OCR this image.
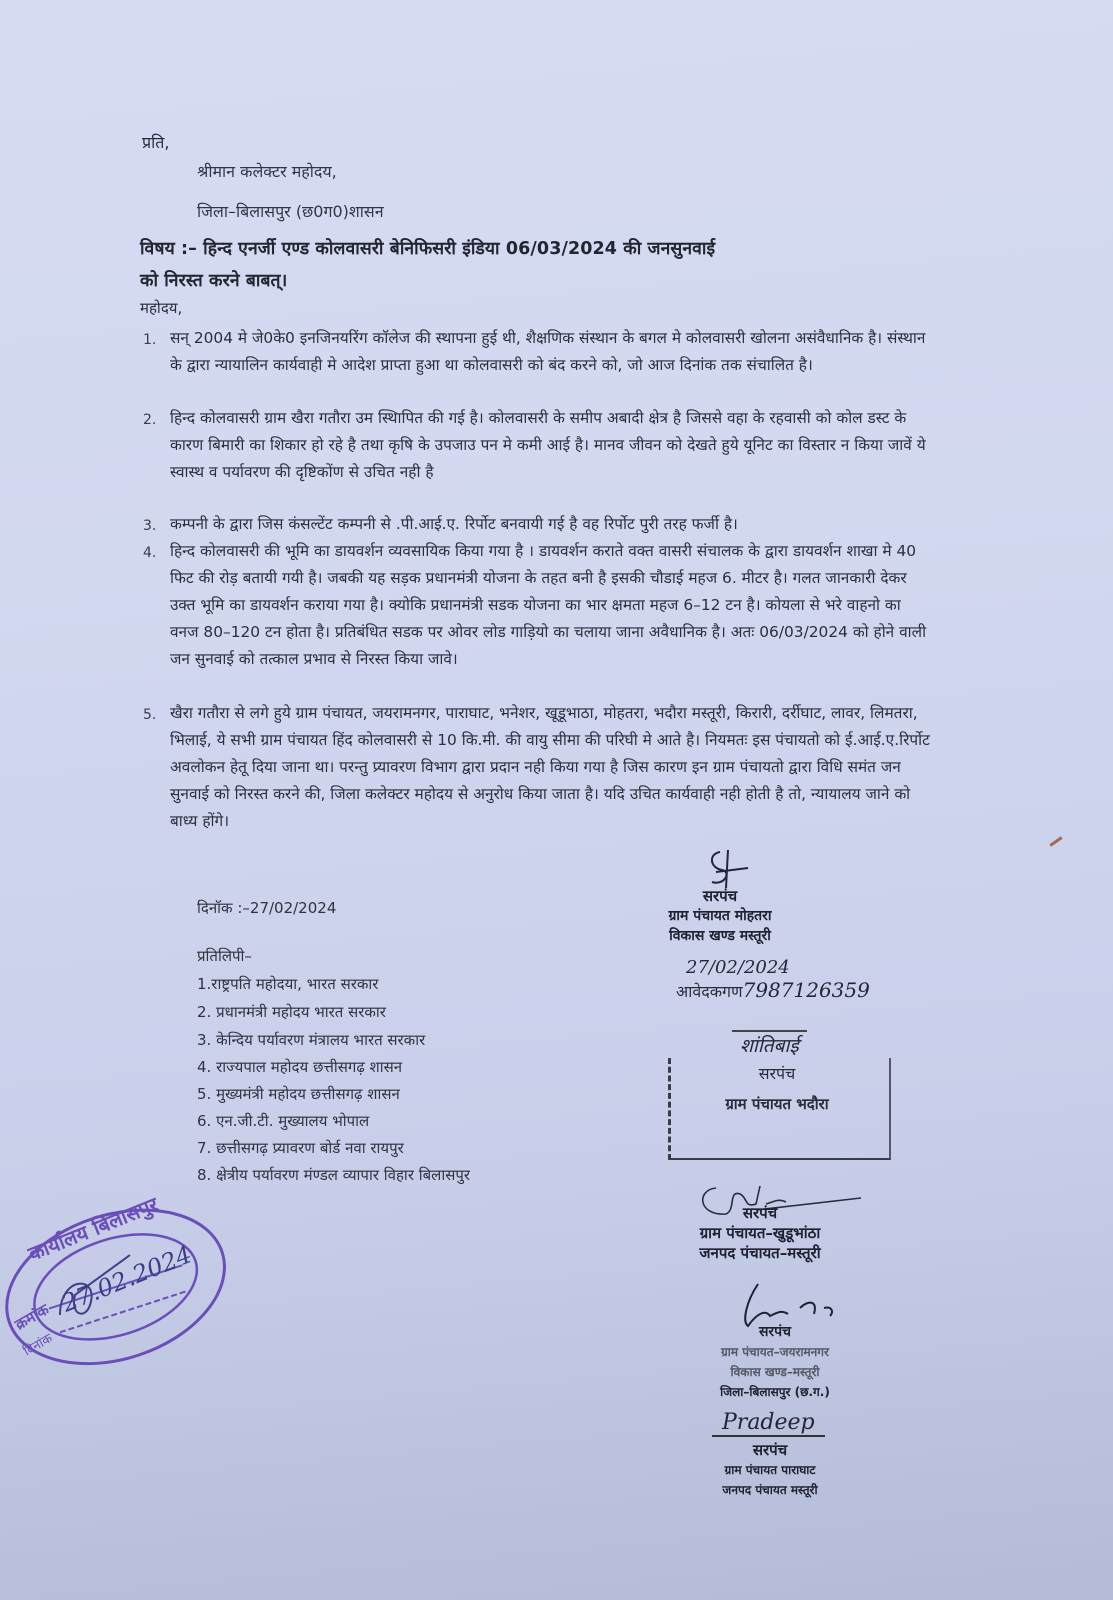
प्रति,
श्रीमान कलेक्टर महोदय,
जिला–बिलासपुर (छ0ग0)शासन
विषय :– हिन्द एनर्जी एण्ड कोलवासरी बेनिफिसरी इंडिया 06/03/2024 की जनसुनवाई
को निरस्त करने बाबत्।
महोदय,
1. सन् 2004 मे जे0के0 इनजिनयरिंग कॉलेज की स्थापना हुई थी, शैक्षणिक संस्थान के बगल मे कोलवासरी खोलना असंवैधानिक है। संस्थान के द्वारा न्यायालिन कार्यवाही मे आदेश प्राप्ता हुआ था कोलवासरी को बंद करने को, जो आज दिनांक तक संचालित है।
2. हिन्द कोलवासरी ग्राम खैरा गतौरा उम स्थिापित की गई है। कोलवासरी के समीप अबादी क्षेत्र है जिससे वहा के रहवासी को कोल डस्ट के कारण बिमारी का शिकार हो रहे है तथा कृषि के उपजाउ पन मे कमी आई है। मानव जीवन को देखते हुये यूनिट का विस्तार न किया जावें ये स्वास्थ व पर्यावरण की दृष्टिकोंण से उचित नही है
3. कम्पनी के द्वारा जिस कंसल्टेंट कम्पनी से .पी.आई.ए. रिर्पोट बनवायी गई है वह रिर्पोट पुरी तरह फर्जी है।
4. हिन्द कोलवासरी की भूमि का डायवर्शन व्यवसायिक किया गया है । डायवर्शन कराते वक्त वासरी संचालक के द्वारा डायवर्शन शाखा मे 40 फिट की रोड़ बतायी गयी है। जबकी यह सड़क प्रधानमंत्री योजना के तहत बनी है इसकी चौडाई महज 6. मीटर है। गलत जानकारी देकर उक्त भूमि का डायवर्शन कराया गया है। क्योकि प्रधानमंत्री सडक योजना का भार क्षमता महज 6–12 टन है। कोयला से भरे वाहनो का वनज 80–120 टन होता है। प्रतिबंधित सडक पर ओवर लोड गाड़ियो का चलाया जाना अवैधानिक है। अतः 06/03/2024 को होने वाली जन सुनवाई को तत्काल प्रभाव से निरस्त किया जावे।
5. खैरा गतौरा से लगे हुये ग्राम पंचायत, जयरामनगर, पाराघाट, भनेशर, खूडूभाठा, मोहतरा, भदौरा मस्तूरी, किरारी, दर्रीघाट, लावर, लिमतरा, भिलाई, ये सभी ग्राम पंचायत हिंद कोलवासरी से 10 कि.मी. की वायु सीमा की परिघी मे आते है। नियमतः इस पंचायतो को ई.आई.ए.रिर्पोट अवलोकन हेतू दिया जाना था। परन्तु प्र्यावरण विभाग द्वारा प्रदान नही किया गया है जिस कारण इन ग्राम पंचायतो द्वारा विधि समंत जन सुनवाई को निरस्त करने की, जिला कलेक्टर महोदय से अनुरोध किया जाता है। यदि उचित कार्यवाही नही होती है तो, न्यायालय जाने को बाध्य होंगे।
दिनॉक :–27/02/2024
प्रतिलिपी–
1.राष्ट्रपति महोदया, भारत सरकार
2. प्रधानमंत्री महोदय भारत सरकार
3. केन्दिय पर्यावरण मंत्रालय भारत सरकार
4. राज्यपाल महोदय छत्तीसगढ़ शासन
5. मुख्यमंत्री महोदय छत्तीसगढ़ शासन
6. एन.जी.टी. मुख्यालय भोपाल
7. छत्तीसगढ़ प्र्यावरण बोर्ड नवा रायपुर
8. क्षेत्रीय पर्यावरण मंण्डल व्यापार विहार बिलासपुर
सरपंच
ग्राम पंचायत मोहतरा
विकास खण्ड मस्तूरी
27/02/2024
आवेदकगण7987126359
शांतिबाई
सरपंच
ग्राम पंचायत भदौरा
सरपंच
ग्राम पंचायत–खुडूभांठा
जनपद पंचायत–मस्तूरी
सरपंच
ग्राम पंचायत–जयरामनगर
विकास खण्ड–मस्तूरी
जिला–बिलासपुर (छ.ग.)
Pradeep
सरपंच
ग्राम पंचायत पाराघाट
जनपद पंचायत मस्तूरी
कार्यालय बिलासपुर
क्रमांक
दिनांक
27.02.2024
